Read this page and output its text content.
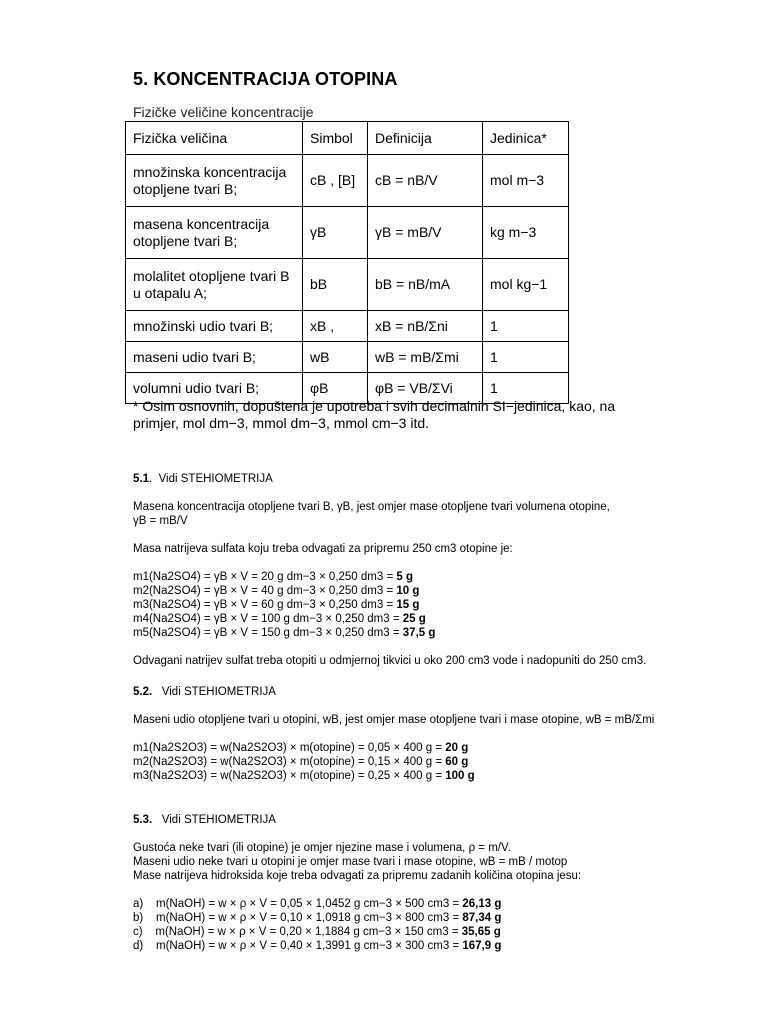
5. KONCENTRACIJA OTOPINA
Fizičke veličine koncentracije
Fizička veličina	Simbol	Definicija	Jedinica*
množinska koncentracija otopljene tvari B;	cB , [B]	cB = nB/V	mol m−3
masena koncentracija otopljene tvari B;	γB	γB = mB/V	kg m−3
molalitet otopljene tvari B u otapalu A;	bB	bB = nB/mA	mol kg−1
množinski udio tvari B;	xB ,	xB = nB/Σni	1
maseni udio tvari B;	wB	wB = mB/Σmi	1
volumni udio tvari B;	φB	φB = VB/ΣVi	1
* Osim osnovnih, dopuštena je upotreba i svih decimalnih SI−jedinica, kao, na primjer, mol dm−3, mmol dm−3, mmol cm−3 itd.

5.1.  Vidi STEHIOMETRIJA

Masena koncentracija otopljene tvari B, γB, jest omjer mase otopljene tvari volumena otopine,

γB = mB/V

Masa natrijeva sulfata koju treba odvagati za pripremu 250 cm3 otopine je:

m1(Na2SO4) = γB × V = 20 g dm−3 × 0,250 dm3 = 5 g

m2(Na2SO4) = γB × V = 40 g dm−3 × 0,250 dm3 = 10 g

m3(Na2SO4) = γB × V = 60 g dm−3 × 0,250 dm3 = 15 g

m4(Na2SO4) = γB × V = 100 g dm−3 × 0,250 dm3 = 25 g

m5(Na2SO4) = γB × V = 150 g dm−3 × 0,250 dm3 = 37,5 g

Odvagani natrijev sulfat treba otopiti u odmjernoj tikvici u oko 200 cm3 vode i nadopuniti do 250 cm3.

5.2. Vidi STEHIOMETRIJA

Maseni udio otopljene tvari u otopini, wB, jest omjer mase otopljene tvari i mase otopine, wB = mB/Σmi

m1(Na2S2O3) = w(Na2S2O3) × m(otopine) = 0,05 × 400 g = 20 g

m2(Na2S2O3) = w(Na2S2O3) × m(otopine) = 0,15 × 400 g = 60 g

m3(Na2S2O3) = w(Na2S2O3) × m(otopine) = 0,25 × 400 g = 100 g

5.3. Vidi STEHIOMETRIJA

Gustoća neke tvari (ili otopine) je omjer njezine mase i volumena, ρ = m/V.

Maseni udio neke tvari u otopini je omjer mase tvari i mase otopine, wB = mB / motop

Mase natrijeva hidroksida koje treba odvagati za pripremu zadanih količina otopina jesu:

a) m(NaOH) = w × ρ × V = 0,05 × 1,0452 g cm−3 × 500 cm3 = 26,13 g

b) m(NaOH) = w × ρ × V = 0,10 × 1,0918 g cm−3 × 800 cm3 = 87,34 g

c) m(NaOH) = w × ρ × V = 0,20 × 1,1884 g cm−3 × 150 cm3 = 35,65 g

d) m(NaOH) = w × ρ × V = 0,40 × 1,3991 g cm−3 × 300 cm3 = 167,9 g
